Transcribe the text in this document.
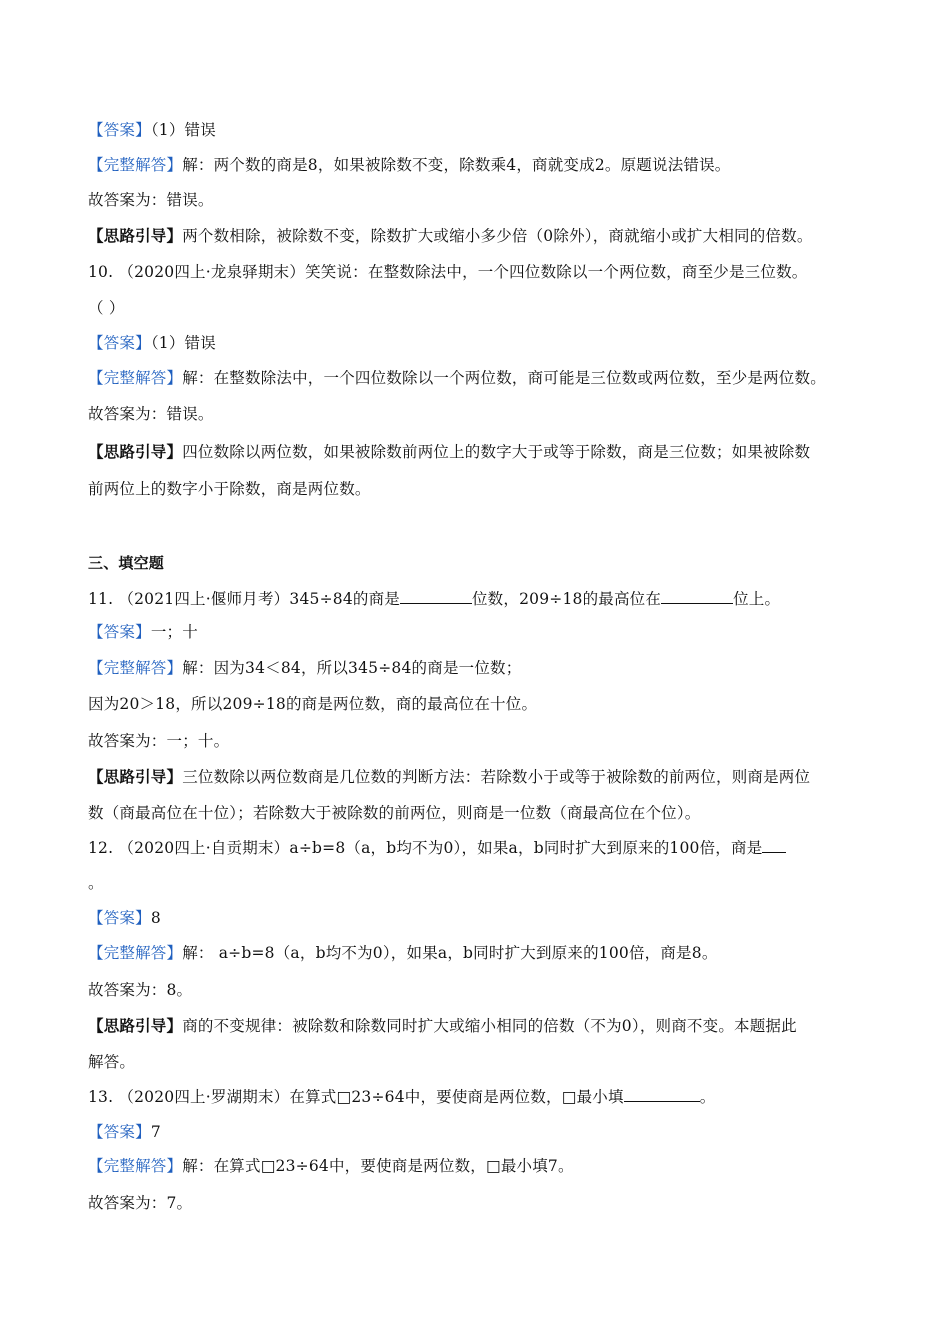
【答案】（1）错误
【完整解答】解：两个数的商是8，如果被除数不变，除数乘4，商就变成2。原题说法错误。
故答案为：错误。
【思路引导】两个数相除，被除数不变，除数扩大或缩小多少倍（0除外），商就缩小或扩大相同的倍数。
10. （2020四上·龙泉驿期末）笑笑说：在整数除法中，一个四位数除以一个两位数，商至少是三位数。
（ ）
【答案】（1）错误
【完整解答】解：在整数除法中，一个四位数除以一个两位数，商可能是三位数或两位数，至少是两位数。
故答案为：错误。
【思路引导】四位数除以两位数，如果被除数前两位上的数字大于或等于除数，商是三位数；如果被除数
前两位上的数字小于除数，商是两位数。
三、填空题
11. （2021四上·偃师月考）345÷84的商是	位数，209÷18的最高位在	位上。
【答案】一；十
【完整解答】解：因为34＜84，所以345÷84的商是一位数；
因为20＞18，所以209÷18的商是两位数，商的最高位在十位。
故答案为：一；十。
【思路引导】三位数除以两位数商是几位数的判断方法：若除数小于或等于被除数的前两位，则商是两位
数（商最高位在十位）；若除数大于被除数的前两位，则商是一位数（商最高位在个位）。
12. （2020四上·自贡期末）a÷b=8（a，b均不为0），如果a，b同时扩大到原来的100倍，商是
。
【答案】8
【完整解答】解： a÷b=8（a，b均不为0），如果a，b同时扩大到原来的100倍，商是8。
故答案为：8。
【思路引导】商的不变规律：被除数和除数同时扩大或缩小相同的倍数（不为0），则商不变。本题据此
解答。
13. （2020四上·罗湖期末）在算式□23÷64中，要使商是两位数，□最小填	。
【答案】7
【完整解答】解：在算式□23÷64中，要使商是两位数，□最小填7。
故答案为：7。
